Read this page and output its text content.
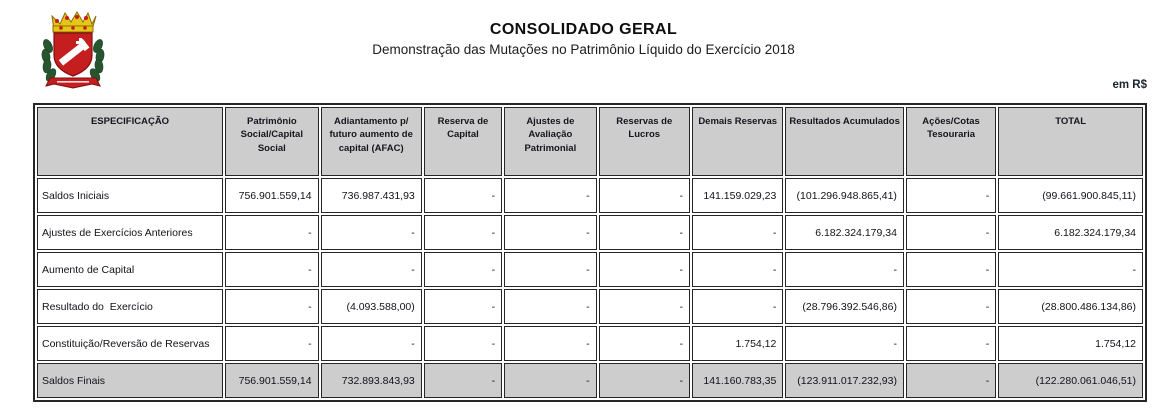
CONSOLIDADO GERAL
Demonstração das Mutações no Patrimônio Líquido do Exercício 2018
em R$
ESPECIFICAÇÃO	Patrimônio Social/Capital Social	Adiantamento p/ futuro aumento de capital (AFAC)	Reserva de Capital	Ajustes de Avaliação Patrimonial	Reservas de Lucros	Demais Reservas	Resultados Acumulados	Ações/Cotas Tesouraria	TOTAL
Saldos Iniciais	756.901.559,14	736.987.431,93	-	-	-	141.159.029,23	(101.296.948.865,41)	-	(99.661.900.845,11)
Ajustes de Exercícios Anteriores	-	-	-	-	-	-	6.182.324.179,34	-	6.182.324.179,34
Aumento de Capital	-	-	-	-	-	-	-	-	-
Resultado do  Exercício	-	(4.093.588,00)	-	-	-	-	(28.796.392.546,86)	-	(28.800.486.134,86)
Constituição/Reversão de Reservas	-	-	-	-	-	1.754,12	-	-	1.754,12
Saldos Finais	756.901.559,14	732.893.843,93	-	-	-	141.160.783,35	(123.911.017.232,93)	-	(122.280.061.046,51)
